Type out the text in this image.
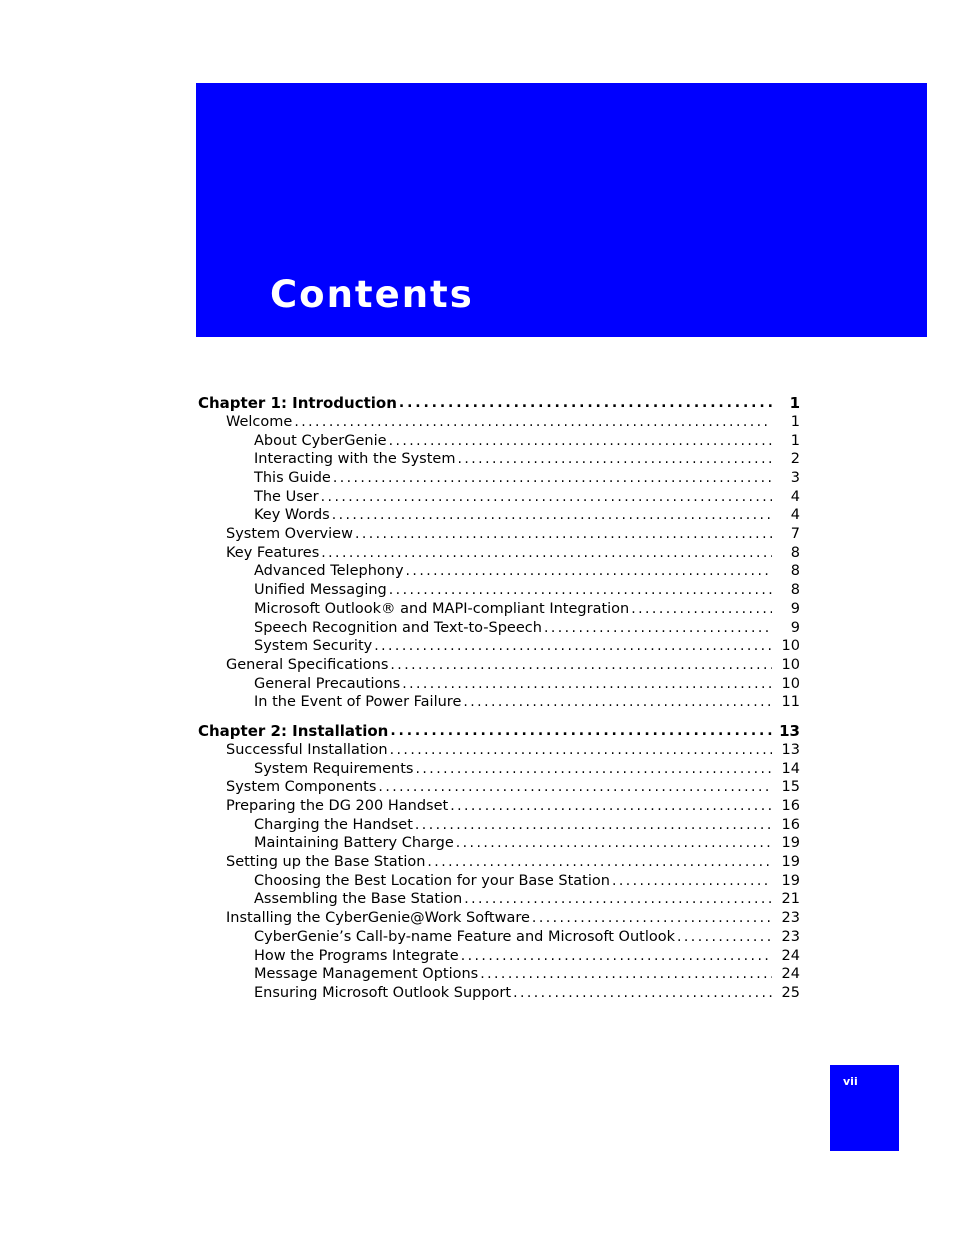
Contents
Chapter 1: Introduction . . .	1
Welcome . . .	1
About CyberGenie . . .	1
Interacting with the System . . .	2
This Guide . . .	3
The User . . .	4
Key Words . . .	4
System Overview . . .	7
Key Features . . .	8
Advanced Telephony . . .	8
Unified Messaging . . .	8
Microsoft Outlook® and MAPI-compliant Integration . . .	9
Speech Recognition and Text-to-Speech . . .	9
System Security . . .	10
General Specifications . . .	10
General Precautions . . .	10
In the Event of Power Failure . . .	11
Chapter 2: Installation . . .	13
Successful Installation . . .	13
System Requirements . . .	14
System Components . . .	15
Preparing the DG 200 Handset . . .	16
Charging the Handset . . .	16
Maintaining Battery Charge . . .	19
Setting up the Base Station . . .	19
Choosing the Best Location for your Base Station . . .	19
Assembling the Base Station . . .	21
Installing the CyberGenie@Work Software . . .	23
CyberGenie’s Call-by-name Feature and Microsoft Outlook . . .	23
How the Programs Integrate . . .	24
Message Management Options . . .	24
Ensuring Microsoft Outlook Support . . .	25
vii
